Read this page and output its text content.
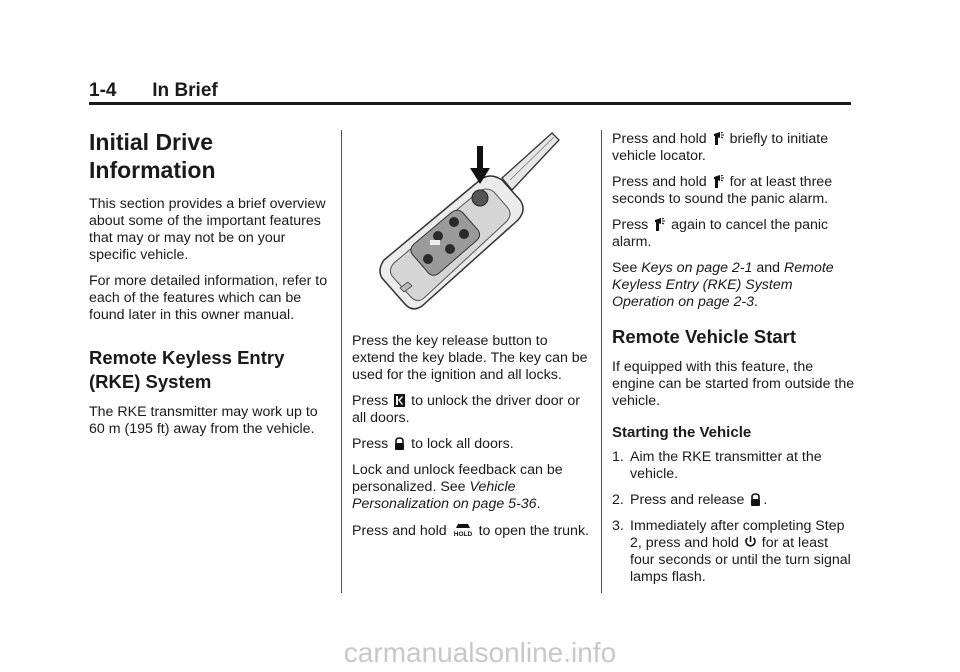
1-4 In Brief
Initial Drive Information

This section provides a brief overview about some of the important features that may or may not be on your specific vehicle.

For more detailed information, refer to each of the features which can be found later in this owner manual.

Remote Keyless Entry (RKE) System

The RKE transmitter may work up to 60 m (195 ft) away from the vehicle.

Press the key release button to extend the key blade. The key can be used for the ignition and all locks.

Press to unlock the driver door or all doors.

Press to lock all doors.

Lock and unlock feedback can be personalized. See Vehicle Personalization on page 5-36.

Press and hold HOLD to open the trunk.

Press and hold briefly to initiate vehicle locator.

Press and hold for at least three seconds to sound the panic alarm.

Press again to cancel the panic alarm.

See Keys on page 2-1 and Remote Keyless Entry (RKE) System Operation on page 2-3.

Remote Vehicle Start

If equipped with this feature, the engine can be started from outside the vehicle.

Starting the Vehicle
1. Aim the RKE transmitter at the vehicle.
2. Press and release .
3. Immediately after completing Step 2, press and hold for at least four seconds or until the turn signal lamps flash.
carmanualsonline.info
